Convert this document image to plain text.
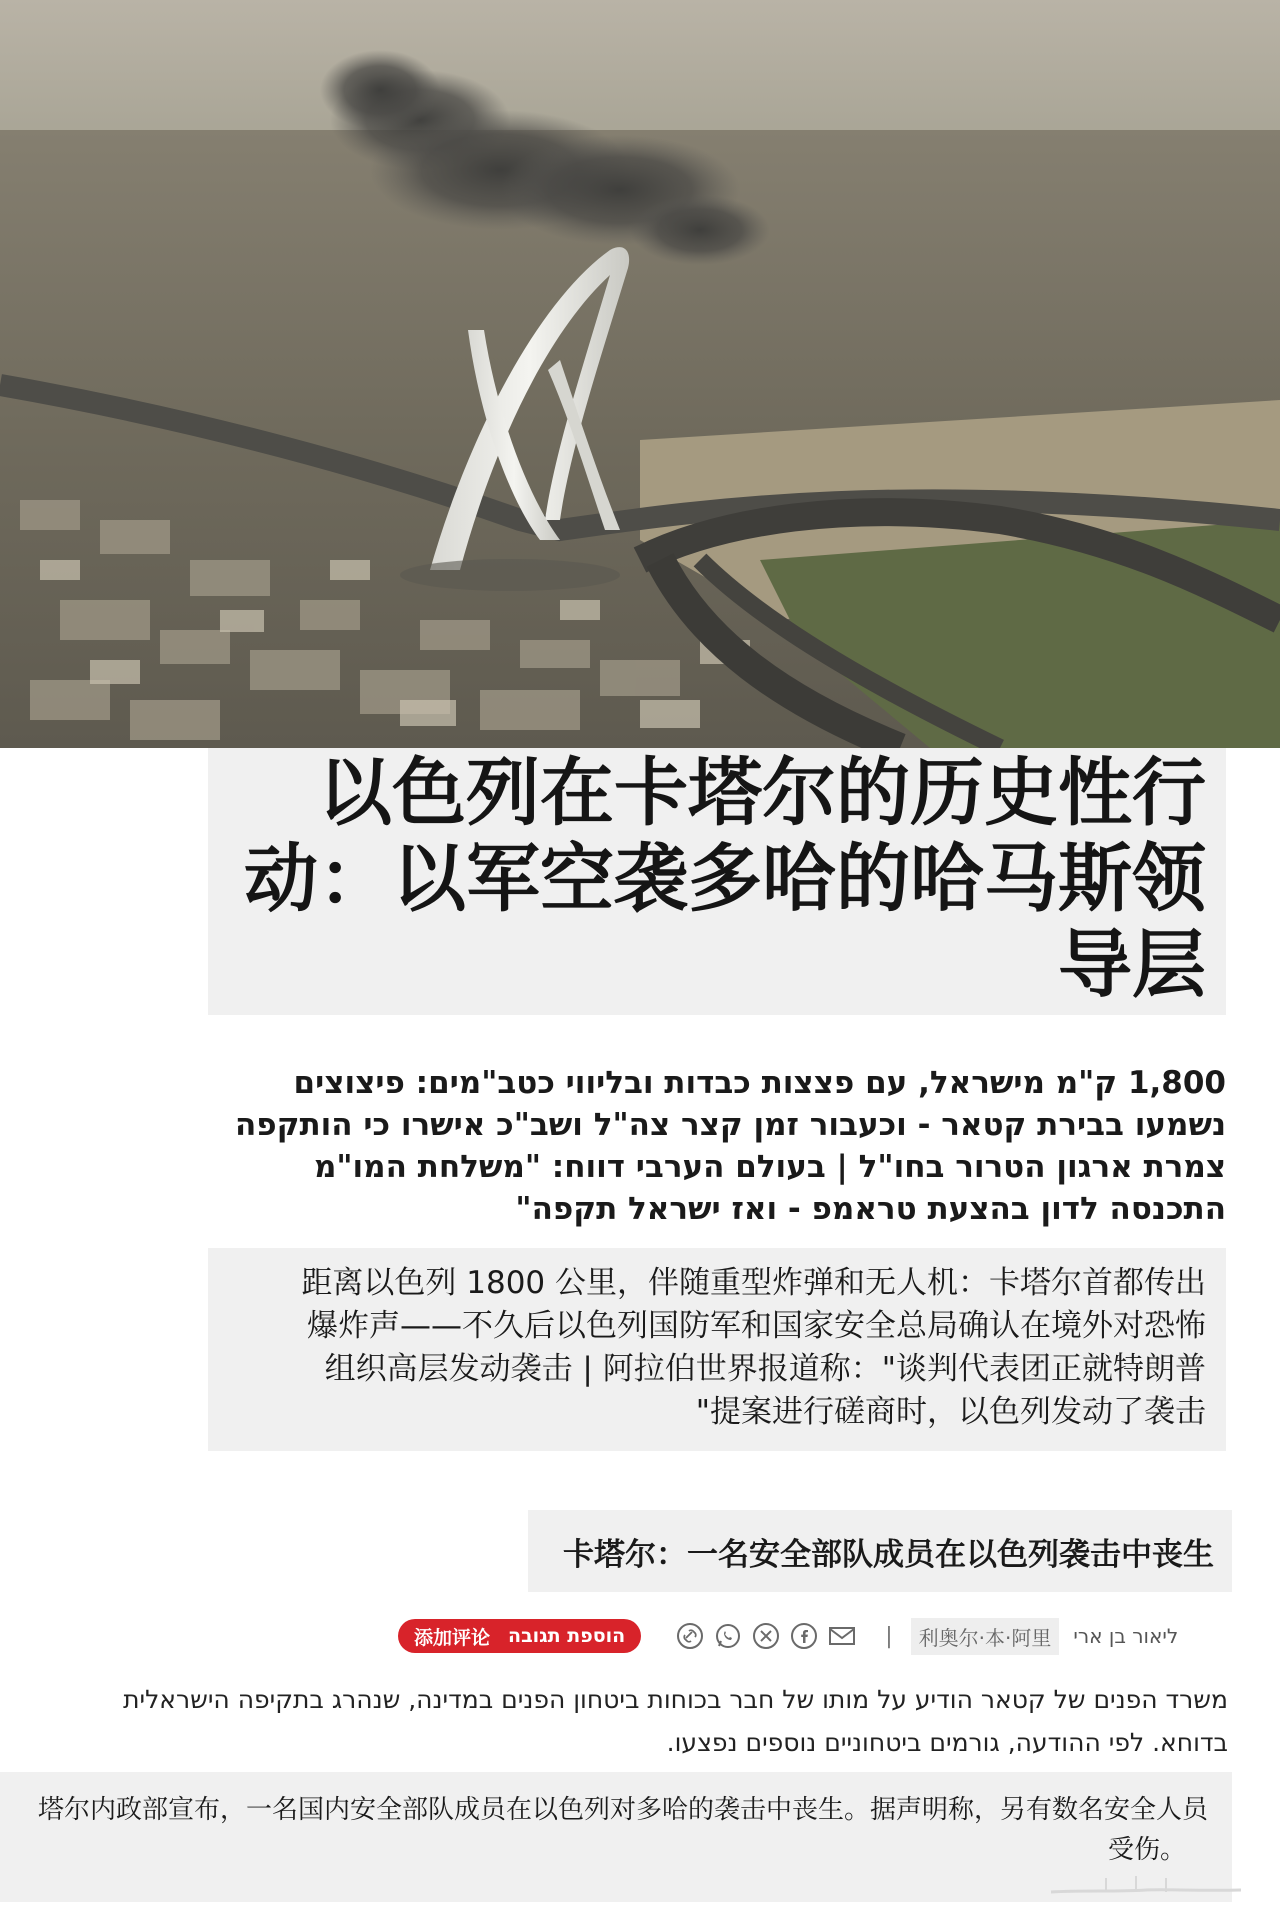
以色列在卡塔尔的历史性行
动：以军空袭多哈的哈马斯领
导层
1,800 ק"מ מישראל, עם פצצות כבדות ובליווי כטב"מים: פיצוצים
נשמעו בבירת קטאר - וכעבור זמן קצר צה"ל ושב"כ אישרו כי הותקפה
צמרת ארגון הטרור בחו"ל | בעולם הערבי דווח: "משלחת המו"מ
התכנסה לדון בהצעת טראמפ - ואז ישראל תקפה"
距离以色列 1800 公里，伴随重型炸弹和无人机：卡塔尔首都传出
爆炸声——不久后以色列国防军和国家安全总局确认在境外对恐怖
组织高层发动袭击 | 阿拉伯世界报道称："谈判代表团正就特朗普
"提案进行磋商时，以色列发动了袭击
卡塔尔：一名安全部队成员在以色列袭击中丧生
添加评论 הוספת תגובה	|	利奥尔·本·阿里	ליאור בן ארי
משרד הפנים של קטאר הודיע על מותו של חבר בכוחות ביטחון הפנים במדינה, שנהרג בתקיפה הישראלית
בדוחא. לפי ההודעה, גורמים ביטחוניים נוספים נפצעו.
塔尔内政部宣布，一名国内安全部队成员在以色列对多哈的袭击中丧生。据声明称，另有数名安全人员
受伤。
